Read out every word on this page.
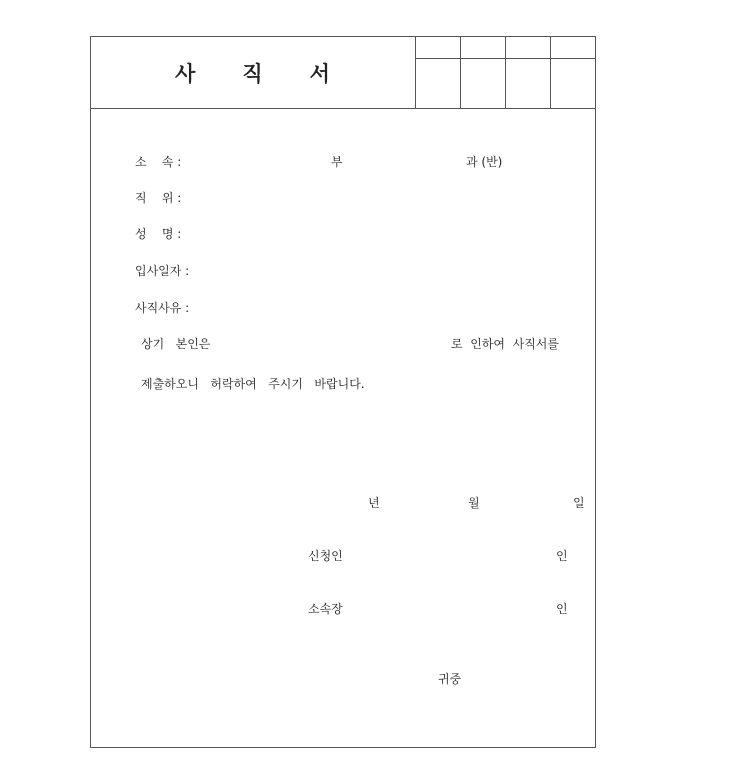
사 직 서
소    속 :	부	과 (반)
직    위 :
성    명 :
입사일자 :
사직사유 :
상기   본인은	로  인하여  사직서를
제출하오니   허락하여   주시기   바랍니다.
년	월	일
신청인	인
소속장	인
귀중
